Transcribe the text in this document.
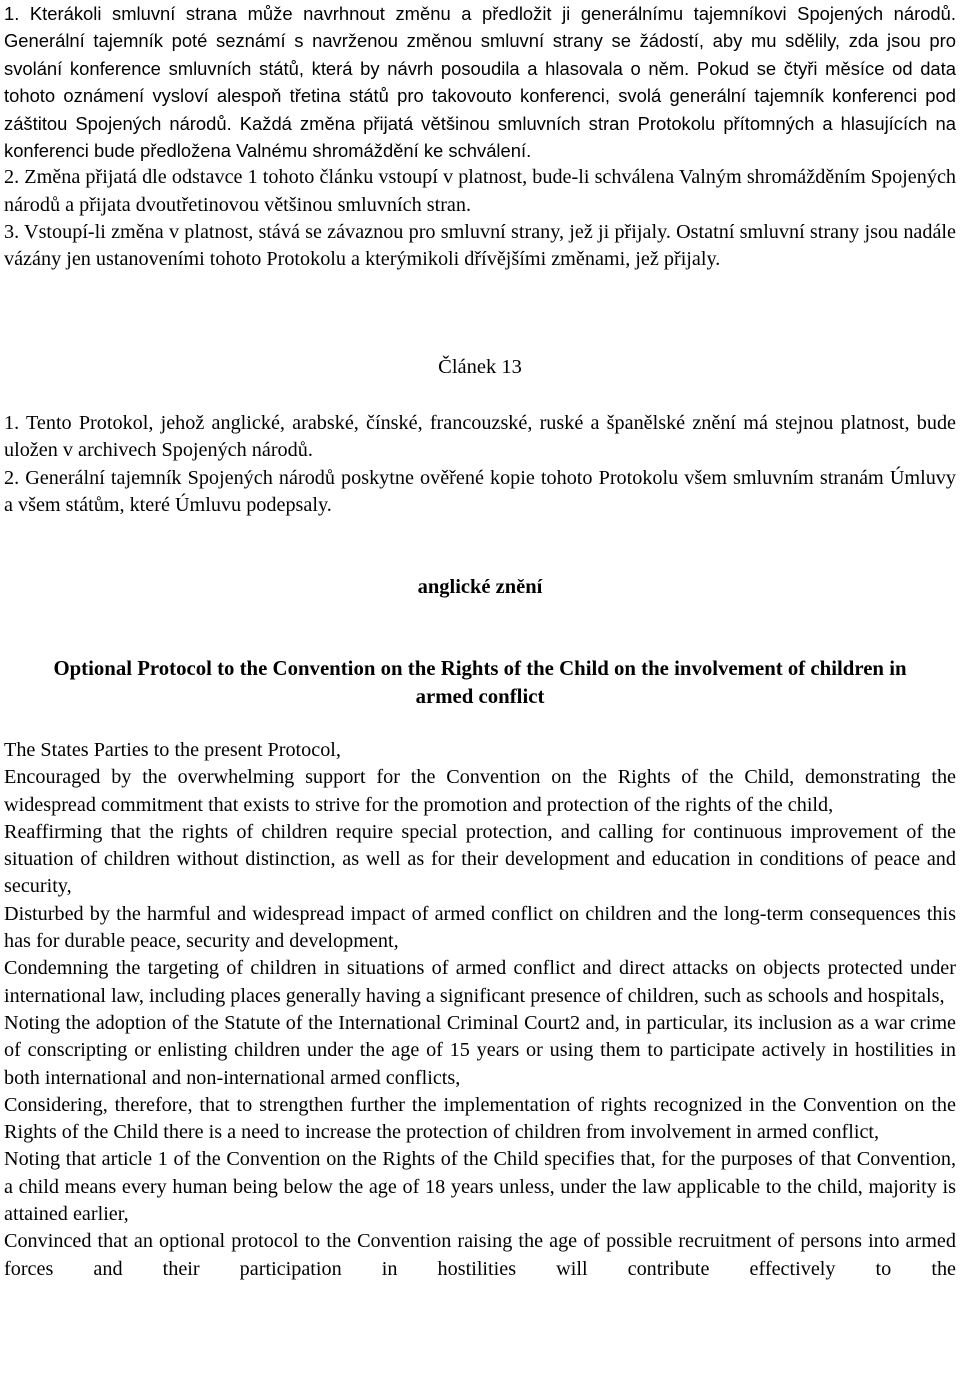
1. Kterákoli smluvní strana může navrhnout změnu a předložit ji generálnímu tajemníkovi Spojených národů. Generální tajemník poté seznámí s navrženou změnou smluvní strany se žádostí, aby mu sdělily, zda jsou pro svolání konference smluvních států, která by návrh posoudila a hlasovala o něm. Pokud se čtyři měsíce od data tohoto oznámení vysloví alespoň třetina států pro takovouto konferenci, svolá generální tajemník konferenci pod záštitou Spojených národů. Každá změna přijatá většinou smluvních stran Protokolu přítomných a hlasujících na konferenci bude předložena Valnému shromáždění ke schválení.

2. Změna přijatá dle odstavce 1 tohoto článku vstoupí v platnost, bude-li schválena Valným shromážděním Spojených národů a přijata dvoutřetinovou většinou smluvních stran.

3. Vstoupí-li změna v platnost, stává se závaznou pro smluvní strany, jež ji přijaly. Ostatní smluvní strany jsou nadále vázány jen ustanoveními tohoto Protokolu a kterýmikoli dřívějšími změnami, jež přijaly.

Článek 13

1. Tento Protokol, jehož anglické, arabské, čínské, francouzské, ruské a španělské znění má stejnou platnost, bude uložen v archivech Spojených národů.

2. Generální tajemník Spojených národů poskytne ověřené kopie tohoto Protokolu všem smluvním stranám Úmluvy a všem státům, které Úmluvu podepsaly.

anglické znění

Optional Protocol to the Convention on the Rights of the Child on the involvement of children in armed conflict

The States Parties to the present Protocol,

Encouraged by the overwhelming support for the Convention on the Rights of the Child, demonstrating the widespread commitment that exists to strive for the promotion and protection of the rights of the child,

Reaffirming that the rights of children require special protection, and calling for continuous improvement of the situation of children without distinction, as well as for their development and education in conditions of peace and security,

Disturbed by the harmful and widespread impact of armed conflict on children and the long-term consequences this has for durable peace, security and development,

Condemning the targeting of children in situations of armed conflict and direct attacks on objects protected under international law, including places generally having a significant presence of children, such as schools and hospitals,

Noting the adoption of the Statute of the International Criminal Court2 and, in particular, its inclusion as a war crime of conscripting or enlisting children under the age of 15 years or using them to participate actively in hostilities in both international and non-international armed conflicts,

Considering, therefore, that to strengthen further the implementation of rights recognized in the Convention on the Rights of the Child there is a need to increase the protection of children from involvement in armed conflict,

Noting that article 1 of the Convention on the Rights of the Child specifies that, for the purposes of that Convention, a child means every human being below the age of 18 years unless, under the law applicable to the child, majority is attained earlier,

Convinced that an optional protocol to the Convention raising the age of possible recruitment of persons into armed forces and their participation in hostilities will contribute effectively to the
